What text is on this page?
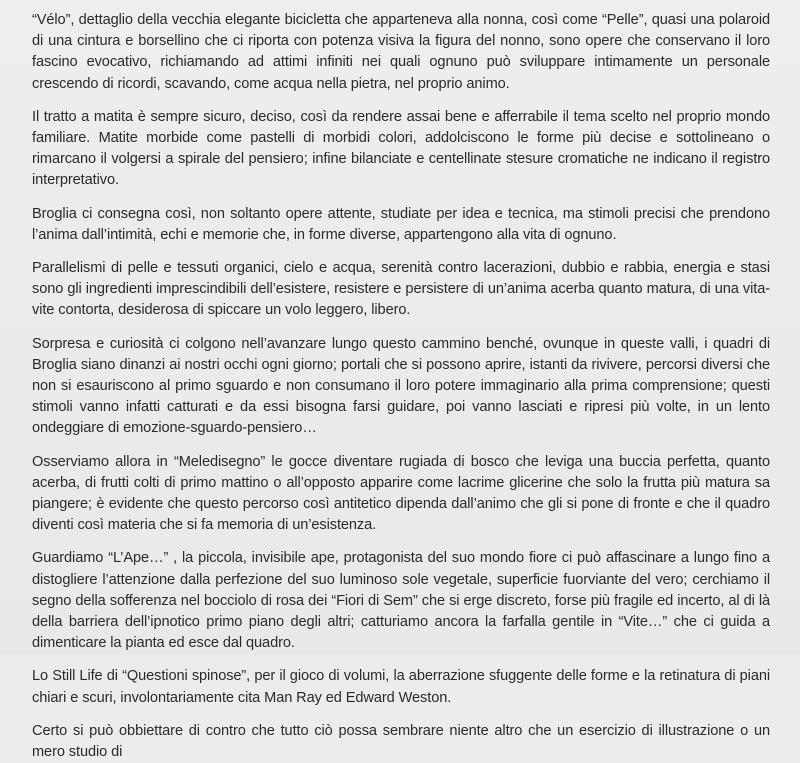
“Vélo”, dettaglio della vecchia elegante bicicletta che apparteneva alla nonna, così come “Pelle”, quasi una polaroid di una cintura e borsellino che ci riporta con potenza visiva la figura del nonno, sono opere che conservano il loro fascino evocativo, richiamando ad attimi infiniti nei quali ognuno può sviluppare intimamente un personale crescendo di ricordi, scavando, come acqua nella pietra, nel proprio animo.

Il tratto a matita è sempre sicuro, deciso, così da rendere assai bene e afferrabile il tema scelto nel proprio mondo familiare. Matite morbide come pastelli di morbidi colori, addolciscono le forme più decise e sottolineano o rimarcano il volgersi a spirale del pensiero; infine bilanciate e centellinate stesure cromatiche ne indicano il registro interpretativo.

Broglia ci consegna così, non soltanto opere attente, studiate per idea e tecnica, ma stimoli precisi che prendono l’anima dall’intimità, echi e memorie che, in forme diverse, appartengono alla vita di ognuno.

Parallelismi di pelle e tessuti organici, cielo e acqua, serenità contro lacerazioni, dubbio e rabbia, energia e stasi sono gli ingredienti imprescindibili dell’esistere, resistere e persistere di un’anima acerba quanto matura, di una vita-vite contorta, desiderosa di spiccare un volo leggero, libero.

Sorpresa e curiosità ci colgono nell’avanzare lungo questo cammino benché, ovunque in queste valli, i quadri di Broglia siano dinanzi ai nostri occhi ogni giorno; portali che si possono aprire, istanti da rivivere, percorsi diversi che non si esauriscono al primo sguardo e non consumano il loro potere immaginario alla prima comprensione; questi stimoli vanno infatti catturati e da essi bisogna farsi guidare, poi vanno lasciati e ripresi più volte, in un lento ondeggiare di emozione-sguardo-pensiero…

Osserviamo allora in “Meledisegno” le gocce diventare rugiada di bosco che leviga una buccia perfetta, quanto acerba, di frutti colti di primo mattino o all’opposto apparire come lacrime glicerine che solo la frutta più matura sa piangere; è evidente che questo percorso così antitetico dipenda dall’animo che gli si pone di fronte e che il quadro diventi così materia che si fa memoria di un’esistenza.

Guardiamo “L’Ape…” , la piccola, invisibile ape, protagonista del suo mondo fiore ci può affascinare a lungo fino a distogliere l’attenzione dalla perfezione del suo luminoso sole vegetale, superficie fuorviante del vero; cerchiamo il segno della sofferenza nel bocciolo di rosa dei “Fiori di Sem” che si erge discreto, forse più fragile ed incerto, al di là della barriera dell’ipnotico primo piano degli altri; catturiamo ancora la farfalla gentile in “Vite…” che ci guida a dimenticare la pianta ed esce dal quadro.

Lo Still Life di “Questioni spinose”, per il gioco di volumi, la aberrazione sfuggente delle forme e la retinatura di piani chiari e scuri, involontariamente cita Man Ray ed Edward Weston.

Certo si può obbiettare di contro che tutto ciò possa sembrare niente altro che un esercizio di illustrazione o un mero studio di
